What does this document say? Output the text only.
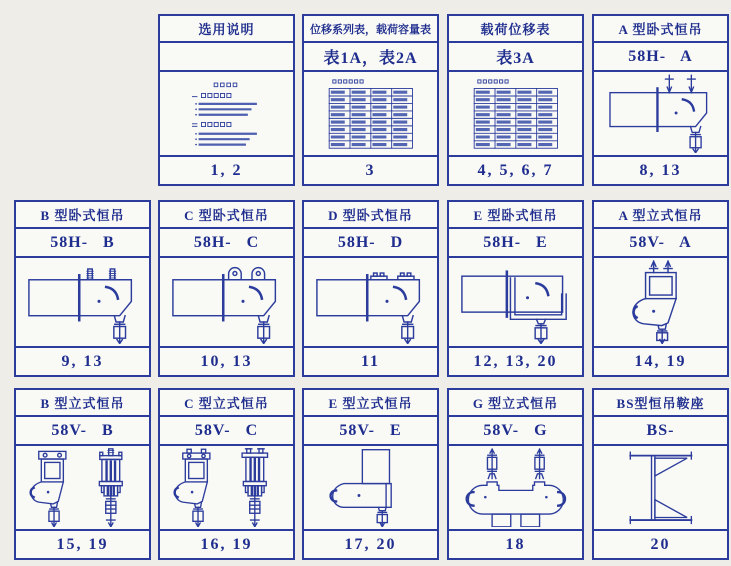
选用说明
1, 2
位移系列表，载荷容量表
表1A，表2A
3
载荷位移表
表3A
4, 5, 6, 7
A 型卧式恒吊
58H-   A
8, 13
B 型卧式恒吊
58H-   B
9, 13
C 型卧式恒吊
58H-   C
10, 13
D 型卧式恒吊
58H-   D
11
E 型卧式恒吊
58H-   E
12, 13, 20
A 型立式恒吊
58V-   A
14, 19
B 型立式恒吊
58V-   B
15, 19
C 型立式恒吊
58V-   C
16, 19
E 型立式恒吊
58V-   E
17, 20
G 型立式恒吊
58V-   G
18
BS型恒吊鞍座
BS-
20
